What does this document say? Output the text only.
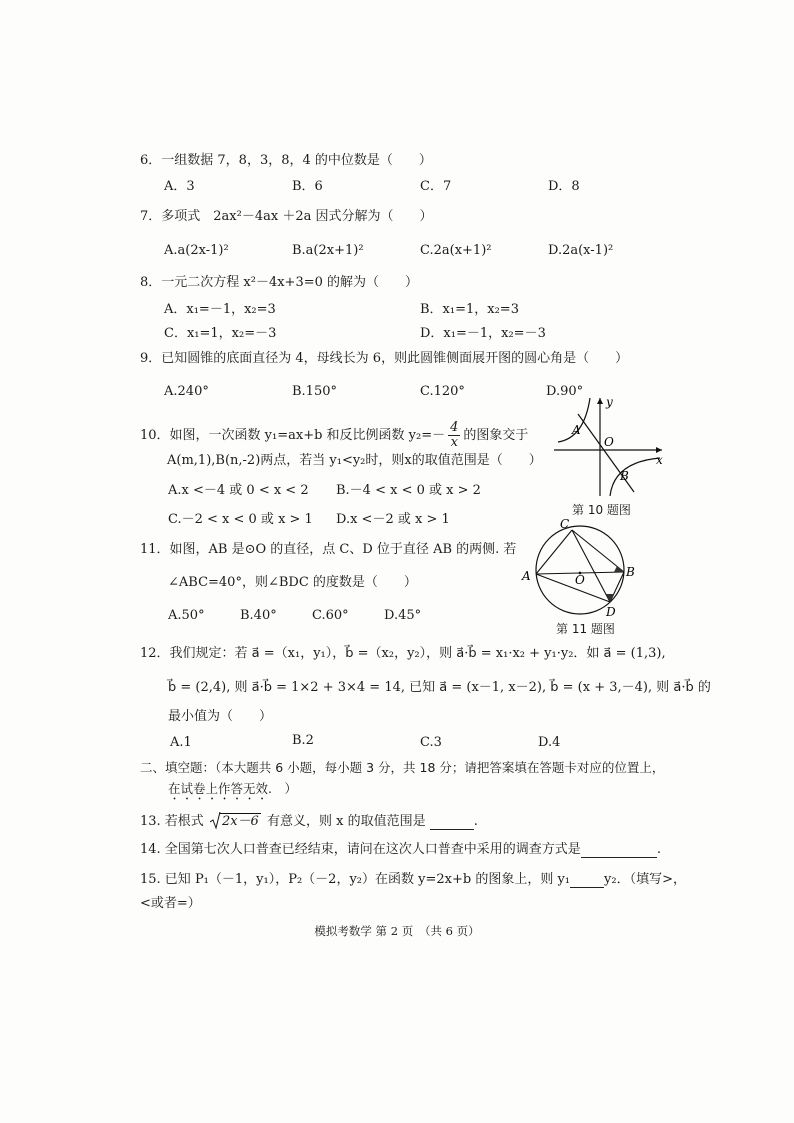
6．一组数据 7，8，3，8，4 的中位数是（　　）
A．3	B．6	C．7	D．8
7．多项式　2ax²－4ax ＋2a 因式分解为（　　）
A.a(2x-1)²	B.a(2x+1)²	C.2a(x+1)²	D.2a(x-1)²
8．一元二次方程 x²－4x+3=0 的解为（　　）
A．x₁=－1，x₂=3	B．x₁=1，x₂=3
C．x₁=1，x₂=－3	D．x₁=－1，x₂=－3
9．已知圆锥的底面直径为 4，母线长为 6，则此圆锥侧面展开图的圆心角是（　　）
A.240°	B.150°	C.120°	D.90°
10．如图，一次函数 y₁=ax+b 和反比例函数 $y_2=- \frac{4}{x}$ 的图象交于
A(m,1),B(n,-2)两点，若当 y₁<y₂时，则x的取值范围是（　　）
A.x <－4 或 0 < x < 2 B.－4 < x < 0 或 x > 2
C.－2 < x < 0 或 x > 1 D.x <－2 或 x > 1
A
O
B
x
y
第 10 题图
11．如图，AB 是⊙O 的直径，点 C、D 位于直径 AB 的两侧. 若
∠ABC=40°，则∠BDC 的度数是（　　）
A.50°	B.40°	C.60°	D.45°
A	B
C
D
O
第 11 题图
12．我们规定：若 a⃗ =（x₁，y₁），b⃗ =（x₂，y₂），则 a⃗·b⃗ = x₁·x₂ + y₁·y₂．如 a⃗ = (1,3),
b⃗ = (2,4), 则 a⃗·b⃗ = 1×2 + 3×4 = 14, 已知 a⃗ = (x－1, x－2), b⃗ = (x + 3,－4), 则 a⃗·b⃗ 的
最小值为（　　）
A.1	B.2	C.3	D.4
二、填空题：（本大题共 6 小题，每小题 3 分，共 18 分；请把答案填在答题卡对应的位置上，
在试卷上作答无效.　）
13. 若根式 2x－6 有意义，则 x 的取值范围是	.
14. 全国第七次人口普查已经结束，请问在这次人口普查中采用的调查方式是	.
15. 已知 P₁（－1，y₁），P₂（－2，y₂）在函数 y=2x+b 的图象上，则 y₁	y₂．（填写>，
<或者=）
模拟考数学 第 2 页　（共 6 页）
